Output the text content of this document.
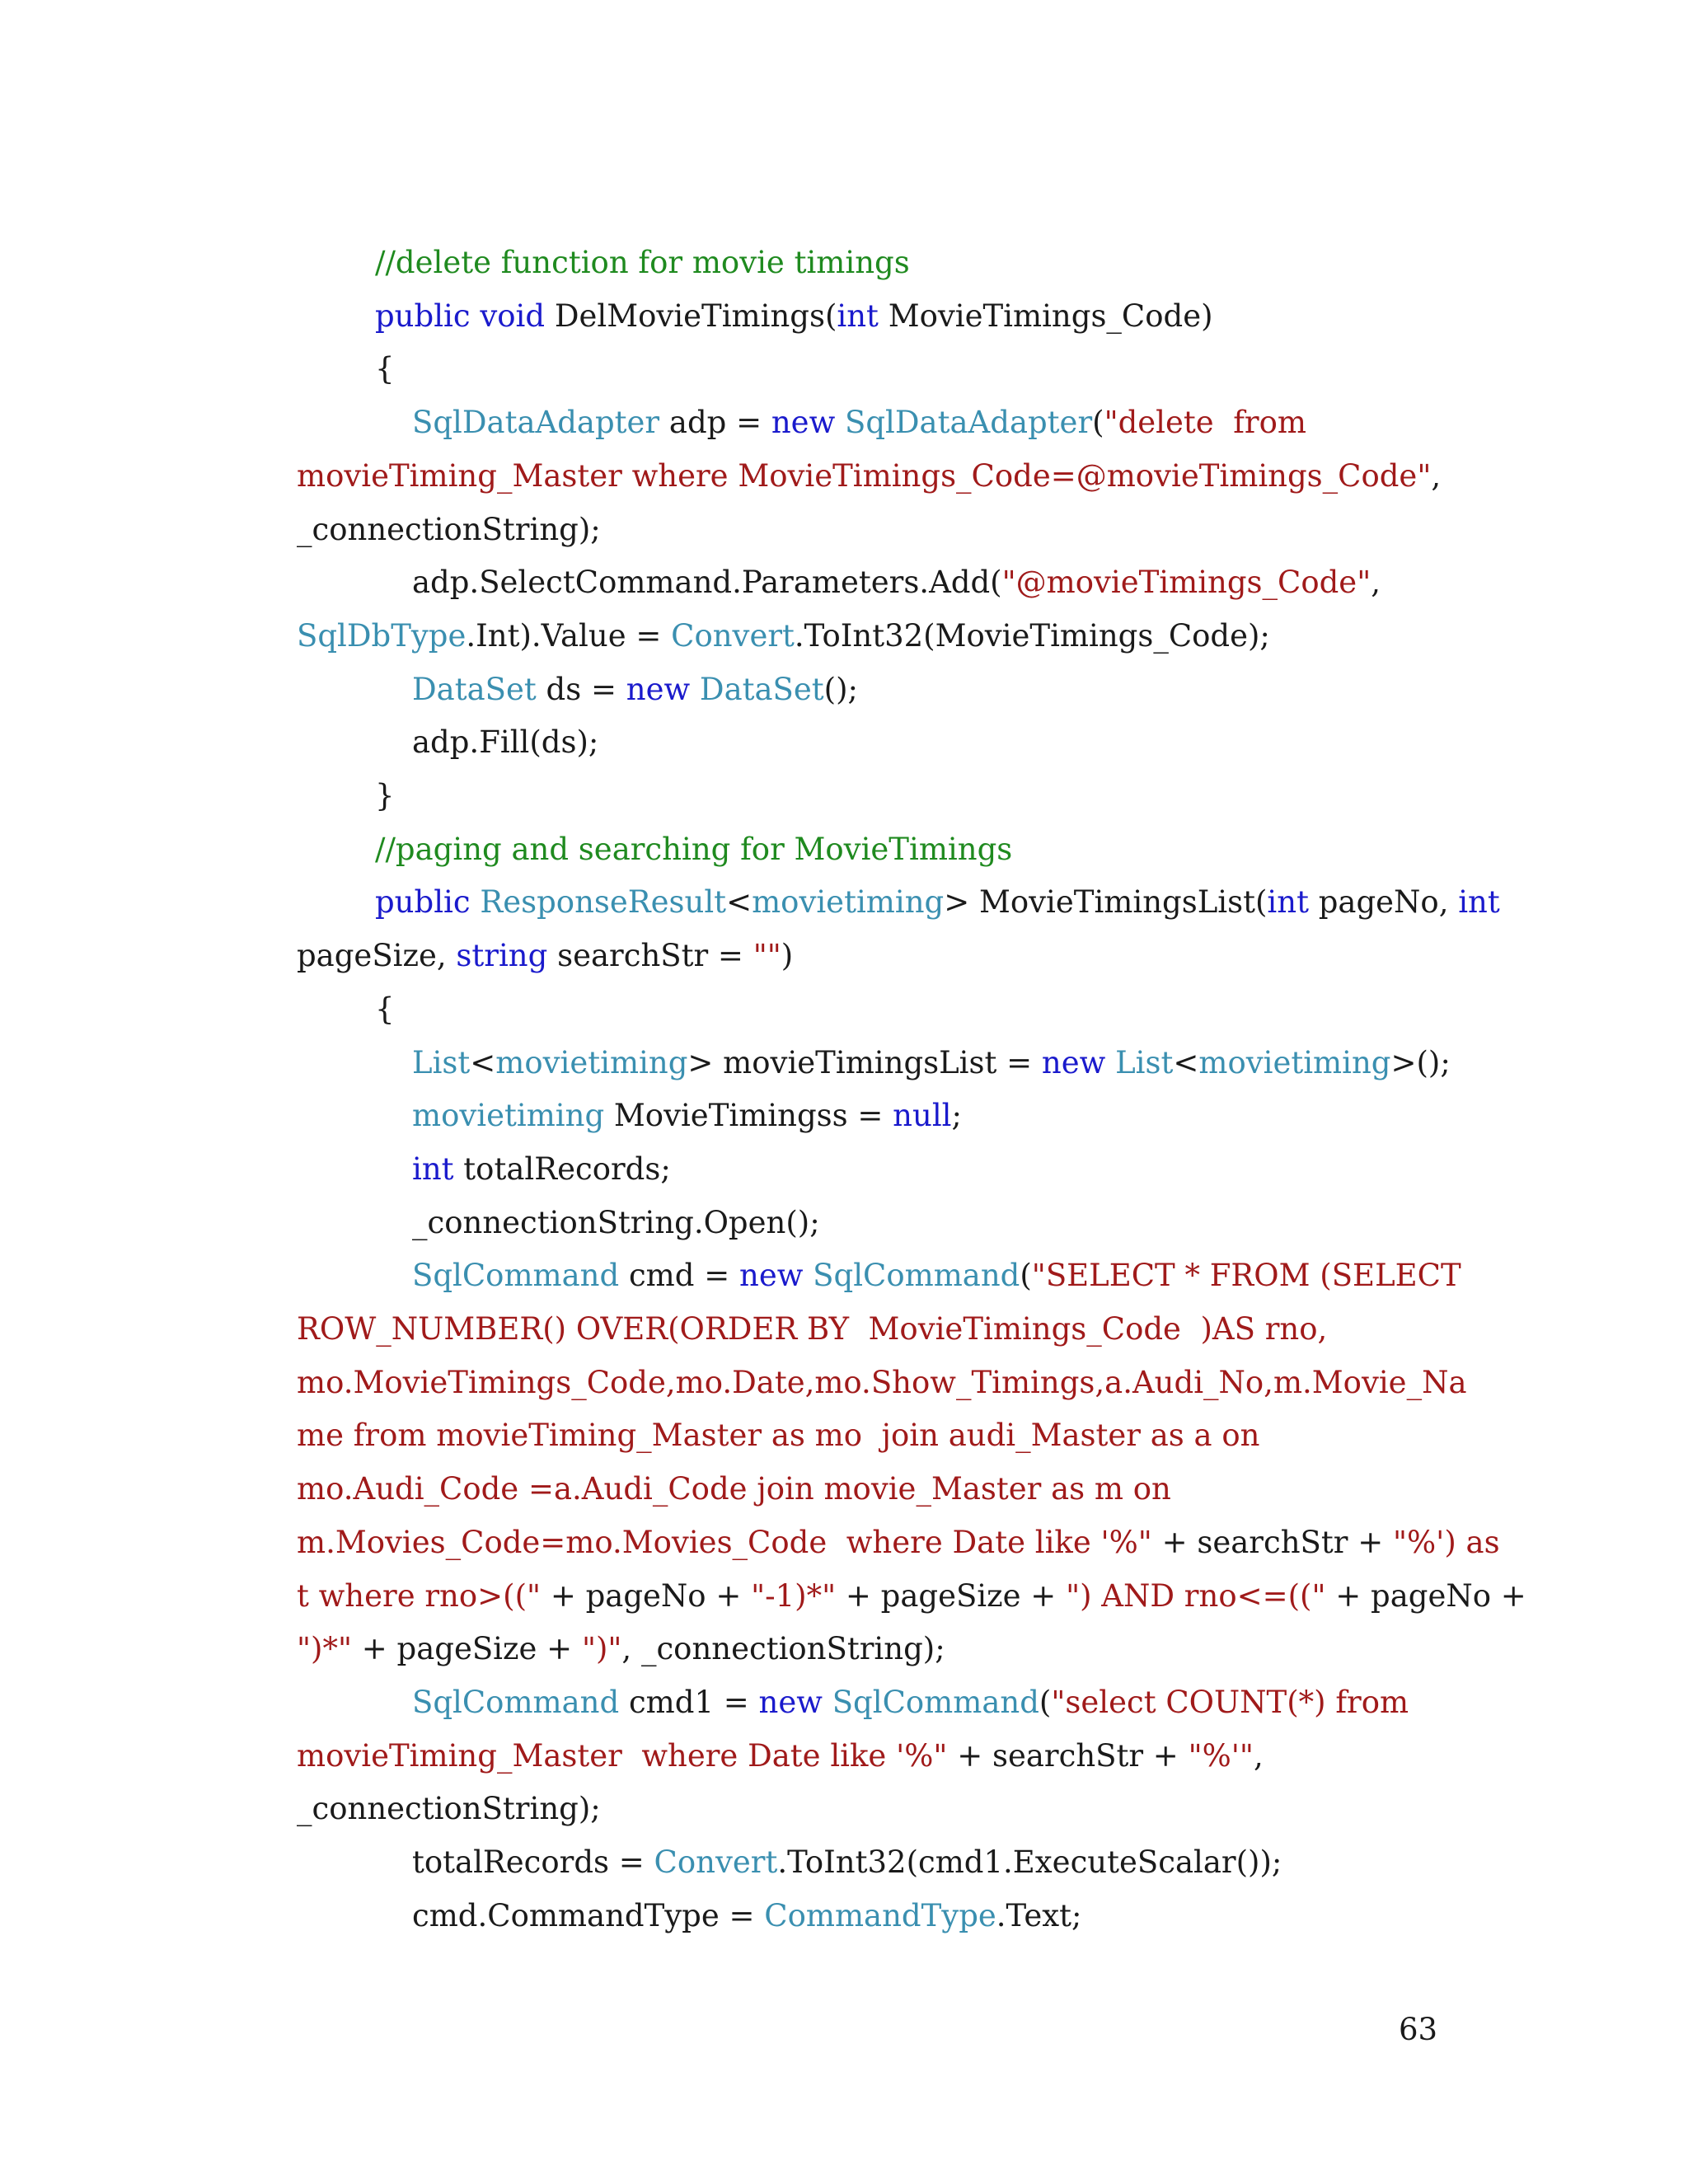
//delete function for movie timings
public void DelMovieTimings(int MovieTimings_Code)
{
SqlDataAdapter adp = new SqlDataAdapter("delete  from
movieTiming_Master where MovieTimings_Code=@movieTimings_Code",
_connectionString);
adp.SelectCommand.Parameters.Add("@movieTimings_Code",
SqlDbType.Int).Value = Convert.ToInt32(MovieTimings_Code);
DataSet ds = new DataSet();
adp.Fill(ds);
}
//paging and searching for MovieTimings
public ResponseResult<movietiming> MovieTimingsList(int pageNo, int
pageSize, string searchStr = "")
{
List<movietiming> movieTimingsList = new List<movietiming>();
movietiming MovieTimingss = null;
int totalRecords;
_connectionString.Open();
SqlCommand cmd = new SqlCommand("SELECT * FROM (SELECT
ROW_NUMBER() OVER(ORDER BY  MovieTimings_Code  )AS rno,
mo.MovieTimings_Code,mo.Date,mo.Show_Timings,a.Audi_No,m.Movie_Na
me from movieTiming_Master as mo  join audi_Master as a on
mo.Audi_Code =a.Audi_Code join movie_Master as m on
m.Movies_Code=mo.Movies_Code  where Date like '%" + searchStr + "%') as
t where rno>((" + pageNo + "-1)*" + pageSize + ") AND rno<=((" + pageNo +
")*" + pageSize + ")", _connectionString);
SqlCommand cmd1 = new SqlCommand("select COUNT(*) from
movieTiming_Master  where Date like '%" + searchStr + "%'",
_connectionString);
totalRecords = Convert.ToInt32(cmd1.ExecuteScalar());
cmd.CommandType = CommandType.Text;
63
